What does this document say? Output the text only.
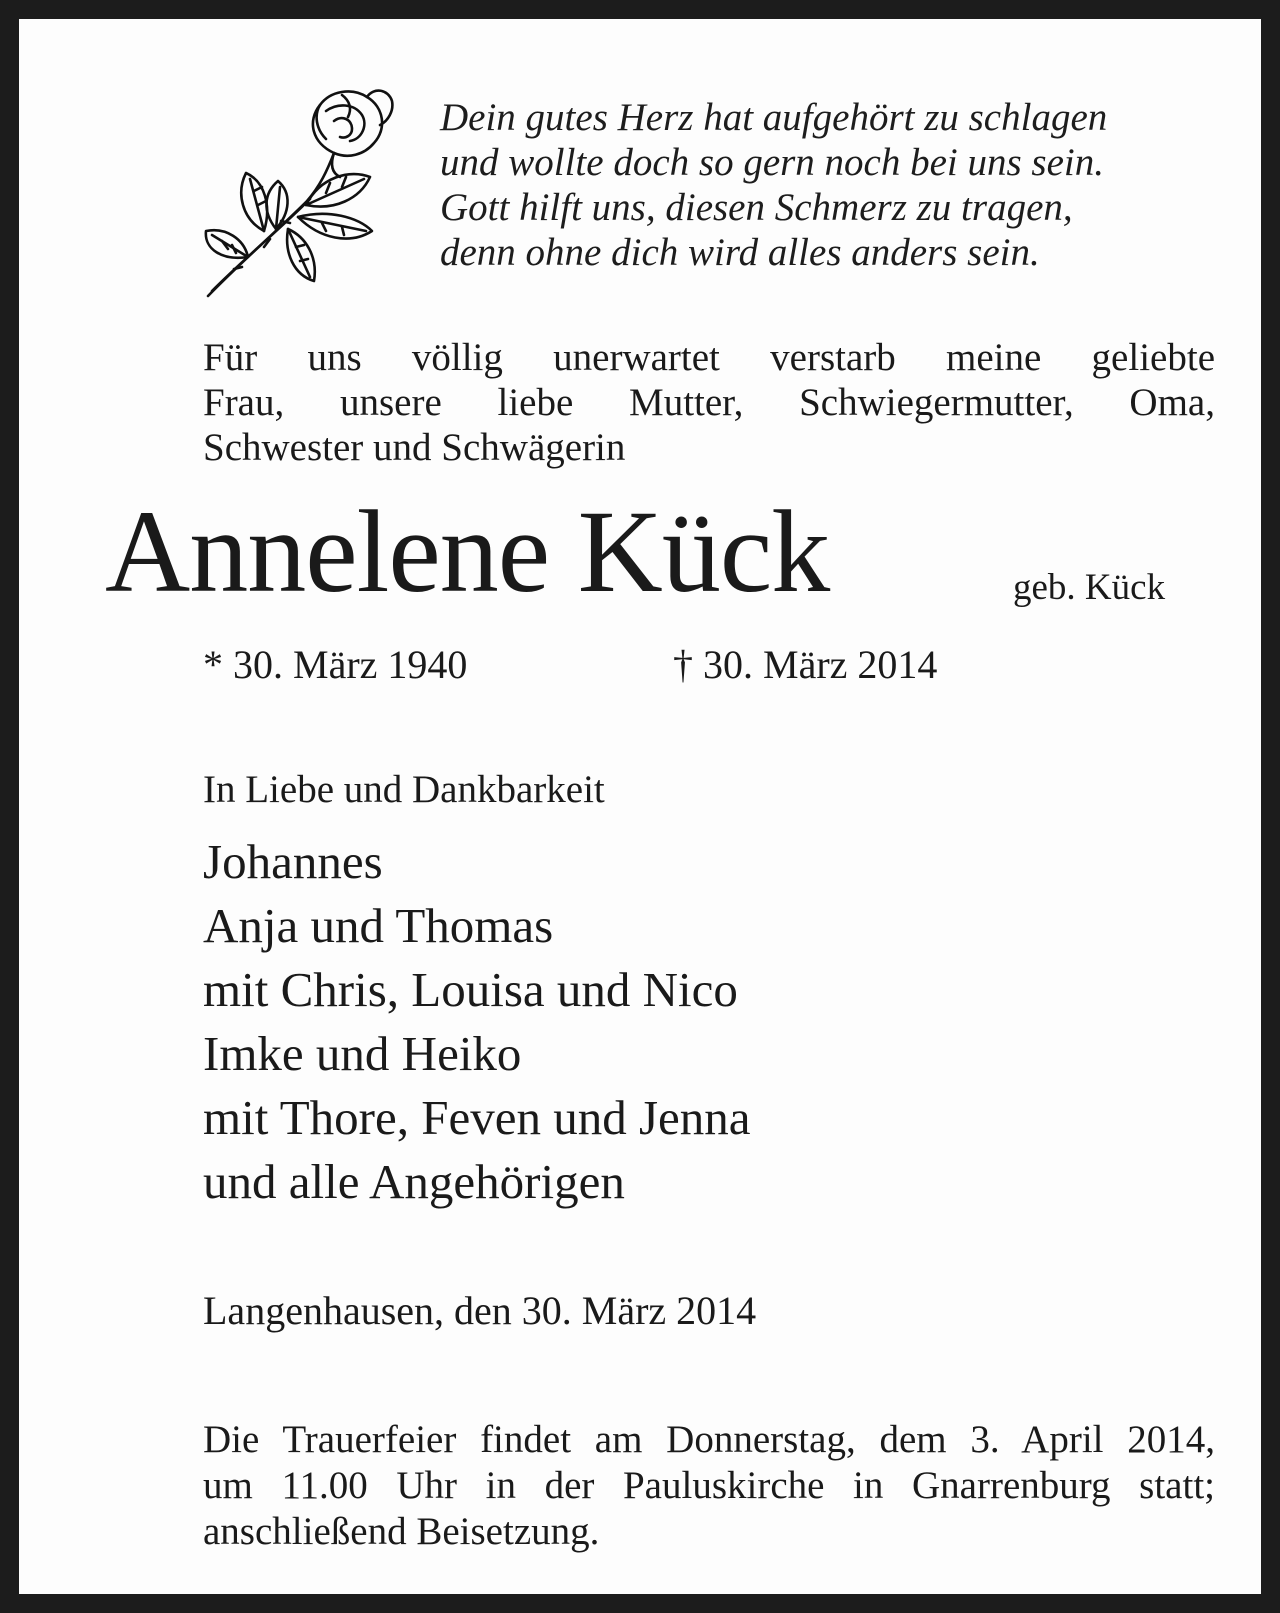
Dein gutes Herz hat aufgehört zu schlagen
und wollte doch so gern noch bei uns sein.
Gott hilft uns, diesen Schmerz zu tragen,
denn ohne dich wird alles anders sein.
Für uns völlig unerwartet verstarb meine geliebte
Frau, unsere liebe Mutter, Schwiegermutter, Oma,
Schwester und Schwägerin
Annelene Kück	geb. Kück
* 30. März 1940	† 30. März 2014
In Liebe und Dankbarkeit
Johannes
Anja und Thomas
mit Chris, Louisa und Nico
Imke und Heiko
mit Thore, Feven und Jenna
und alle Angehörigen
Langenhausen, den 30. März 2014
Die Trauerfeier findet am Donnerstag, dem 3. April 2014,
um 11.00 Uhr in der Pauluskirche in Gnarrenburg statt;
anschließend Beisetzung.
